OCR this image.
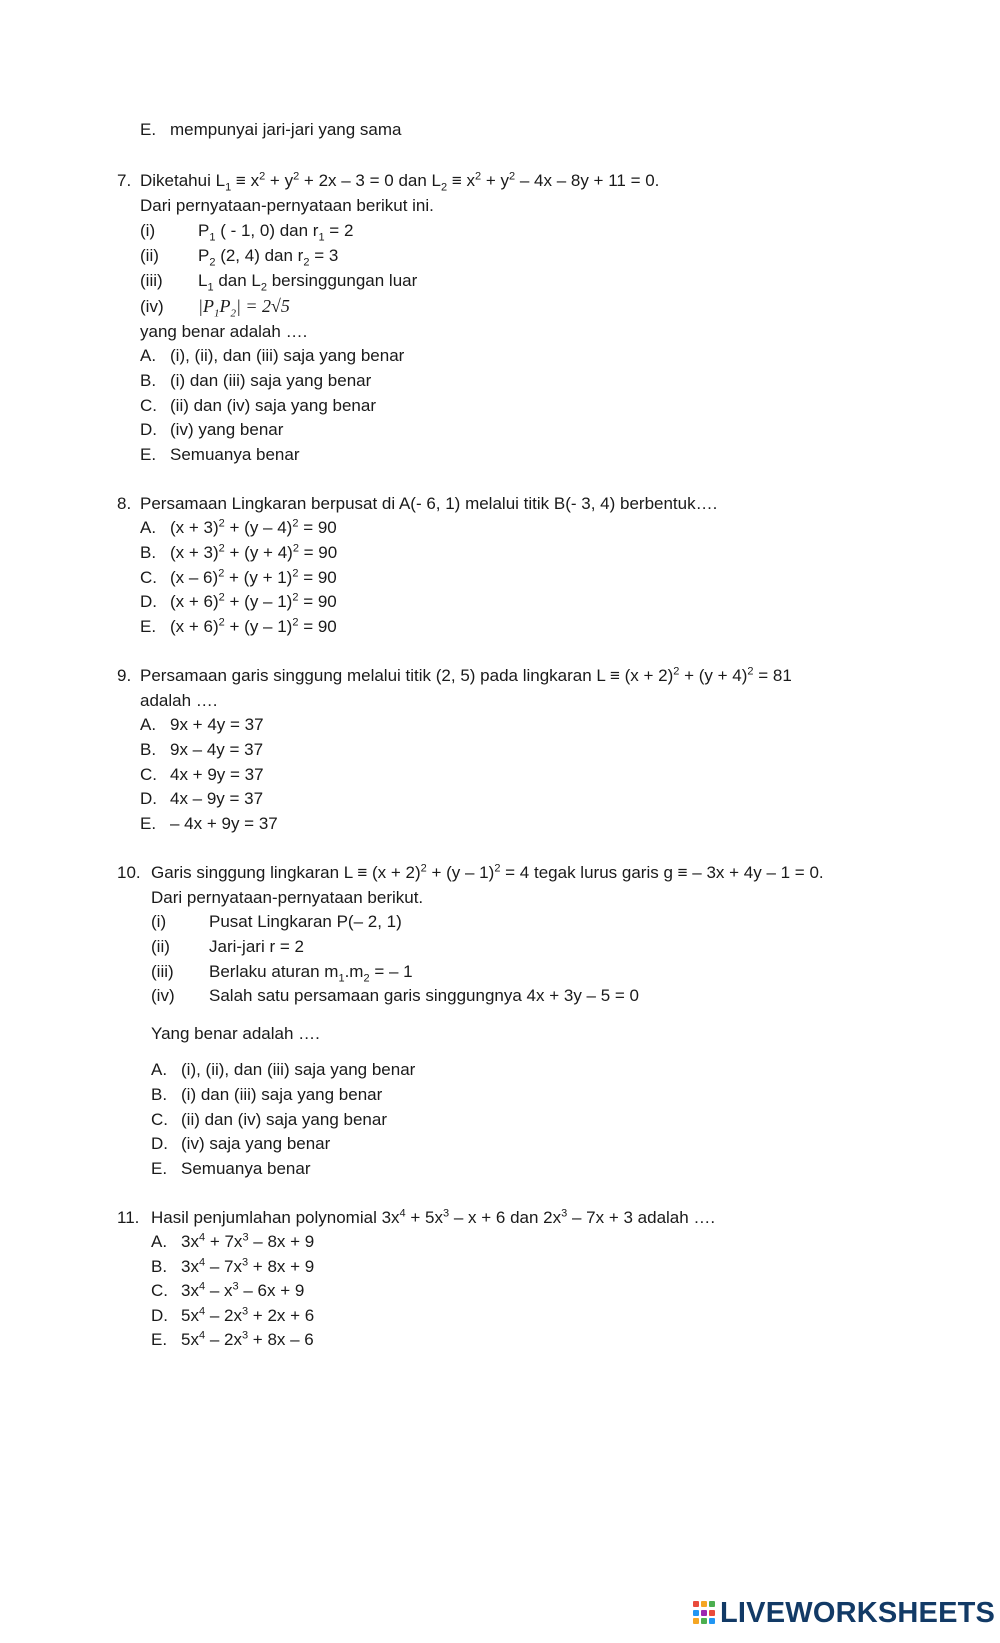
E. mempunyai jari-jari yang sama
7. Diketahui $L_1 \equiv x^2 + y^2 + 2x - 3 = 0$ dan $L_2 \equiv x^2 + y^2 - 4x - 8y + 11 = 0$.
Dari pernyataan-pernyataan berikut ini.
(i)	$P_1$ ( - 1, 0) dan $r_1 = 2$
(ii) $P_2$ (2, 4) dan $r_2 = 3$
(iii) $L_1$ dan $L_2$ bersinggungan luar
(iv) $|P_1P_2| = 2√5$
yang benar adalah ….
A. (i), (ii), dan (iii) saja yang benar
B. (i) dan (iii) saja yang benar
C. (ii) dan (iv) saja yang benar
D. (iv) yang benar
E. Semuanya benar
8. Persamaan Lingkaran berpusat di A(- 6, 1) melalui titik B(- 3, 4) berbentuk….
A. $(x + 3)^2 + (y - 4)^2 = 90$
B. $(x + 3)^2 + (y + 4)^2 = 90$
C. $(x - 6)^2 + (y + 1)^2 = 90$
D. $(x + 6)^2 + (y - 1)^2 = 90$
E. $(x + 6)^2 + (y - 1)^2 = 90$
9. Persamaan garis singgung melalui titik (2, 5) pada lingkaran $L \equiv (x + 2)^2 + (y + 4)^2 = 81$
adalah ….
A. 9x + 4y = 37
B. 9x – 4y = 37
C. 4x + 9y = 37
D. 4x – 9y = 37
E. – 4x + 9y = 37
10. Garis singgung lingkaran $L \equiv (x + 2)^2 + (y - 1)^2 = 4$ tegak lurus garis g ≡ – 3x + 4y – 1 = 0.
Dari pernyataan-pernyataan berikut.
(i)	Pusat Lingkaran P(– 2, 1)
(ii) Jari-jari r = 2
(iii) Berlaku aturan $m_1.m_2$ = – 1
(iv) Salah satu persamaan garis singgungnya 4x + 3y – 5 = 0
Yang benar adalah ….
A. (i), (ii), dan (iii) saja yang benar
B. (i) dan (iii) saja yang benar
C. (ii) dan (iv) saja yang benar
D. (iv) saja yang benar
E. Semuanya benar
11. Hasil penjumlahan polynomial $3x^4 + 5x^3 - x + 6$ dan $2x^3 - 7x + 3$ adalah ….
A. $3x^4 + 7x^3 - 8x + 9$
B. $3x^4 - 7x^3 + 8x + 9$
C. $3x^4 - x^3 - 6x + 9$
D. $5x^4 - 2x^3 + 2x + 6$
E. $5x^4 - 2x^3 + 8x - 6$
LIVEWORKSHEETS
